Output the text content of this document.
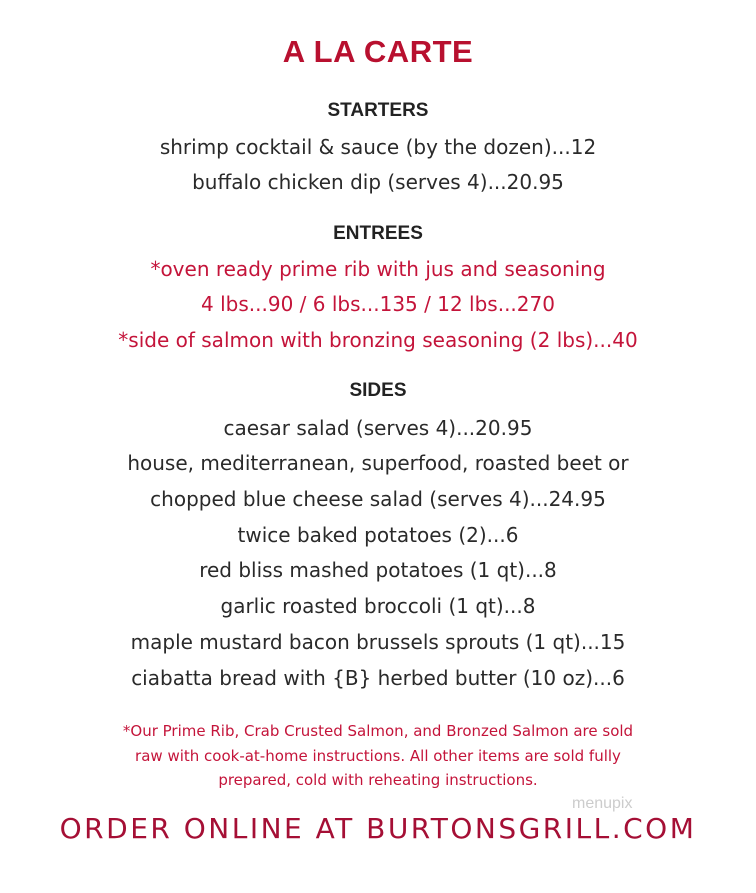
A LA CARTE
STARTERS
shrimp cocktail & sauce (by the dozen)...12
buffalo chicken dip (serves 4)...20.95
ENTREES
*oven ready prime rib with jus and seasoning
4 lbs...90 / 6 lbs...135 / 12 lbs...270
*side of salmon with bronzing seasoning (2 lbs)...40
SIDES
caesar salad (serves 4)...20.95
house, mediterranean, superfood, roasted beet or
chopped blue cheese salad (serves 4)...24.95
twice baked potatoes (2)...6
red bliss mashed potatoes (1 qt)...8
garlic roasted broccoli (1 qt)...8
maple mustard bacon brussels sprouts (1 qt)...15
ciabatta bread with {B} herbed butter (10 oz)...6
*Our Prime Rib, Crab Crusted Salmon, and Bronzed Salmon are sold
raw with cook-at-home instructions. All other items are sold fully
prepared, cold with reheating instructions.
menupix
ORDER ONLINE AT BURTONSGRILL.COM
